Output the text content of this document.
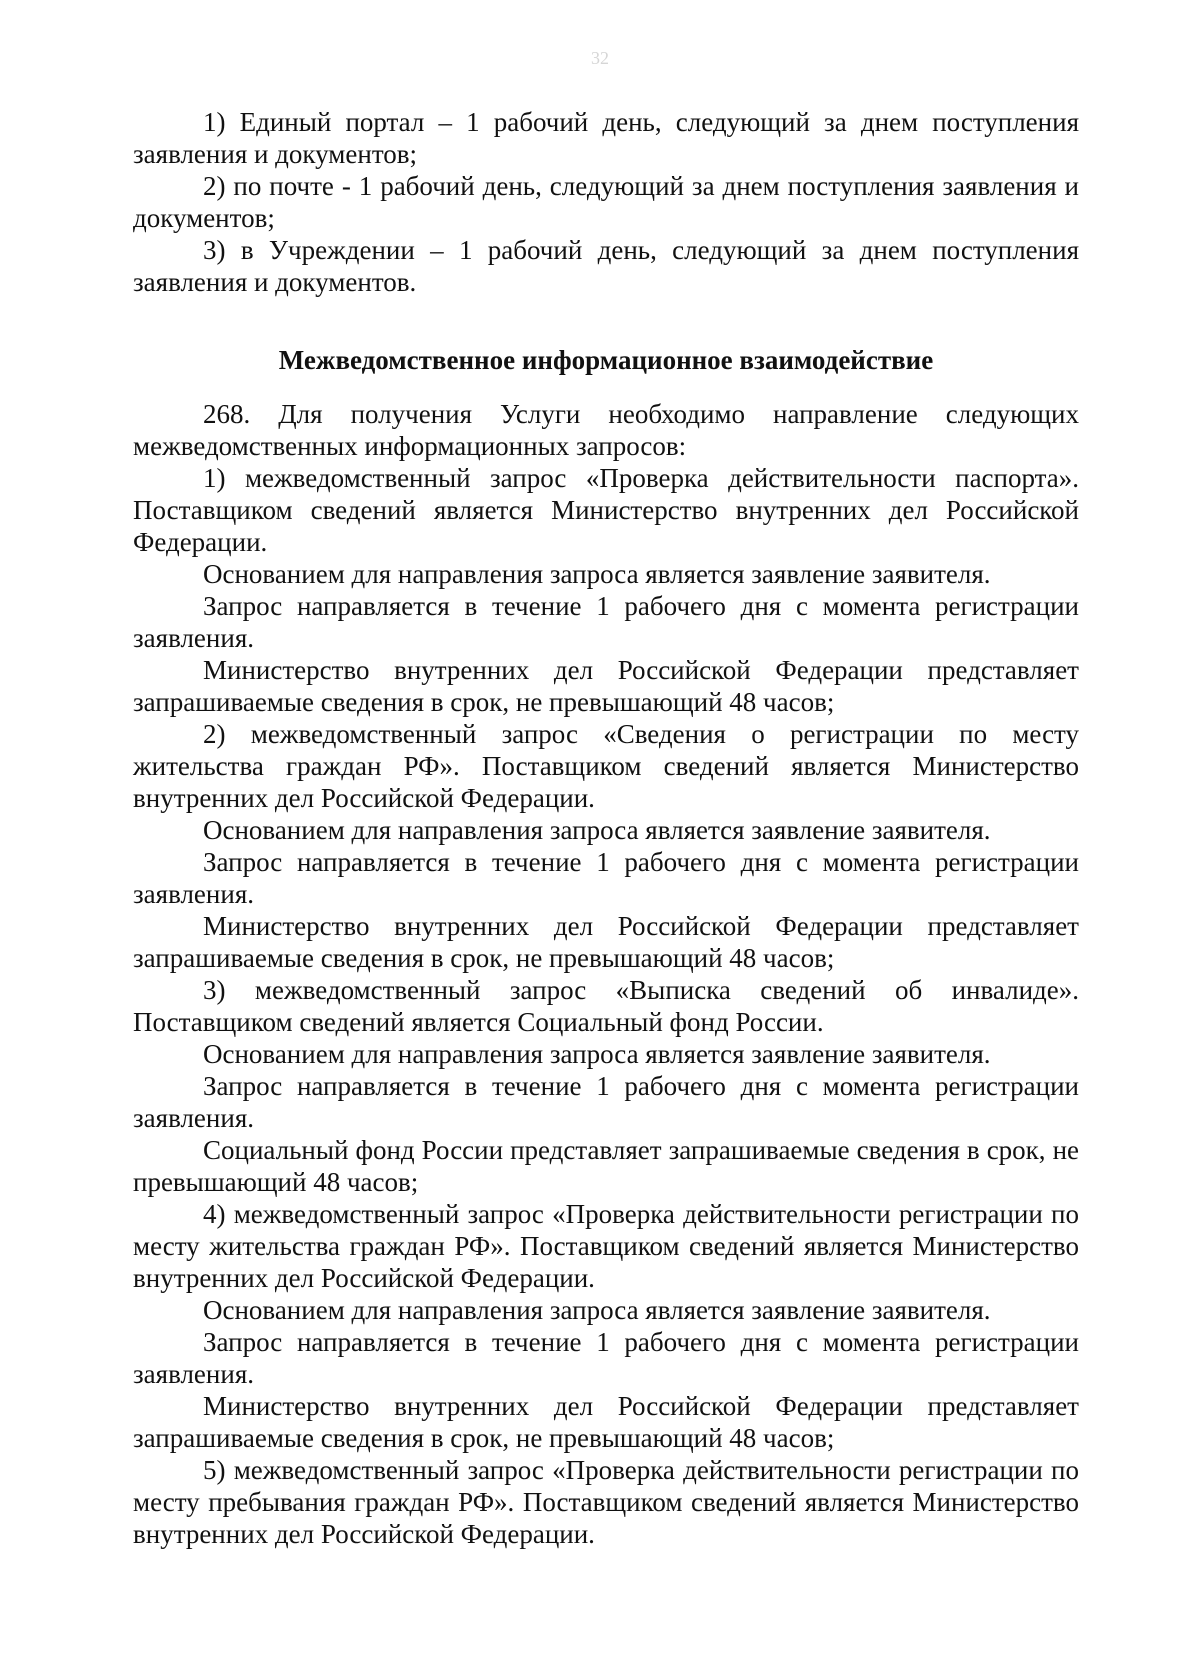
32

1) Единый портал – 1 рабочий день, следующий за днем поступления заявления и документов;

2) по почте - 1 рабочий день, следующий за днем поступления заявления и документов;

3) в Учреждении – 1 рабочий день, следующий за днем поступления заявления и документов.

Межведомственное информационное взаимодействие

268. Для получения Услуги необходимо направление следующих межведомственных информационных запросов:

1) межведомственный запрос «Проверка действительности паспорта». Поставщиком сведений является Министерство внутренних дел Российской Федерации.

Основанием для направления запроса является заявление заявителя.

Запрос направляется в течение 1 рабочего дня с момента регистрации заявления.

Министерство внутренних дел Российской Федерации представляет запрашиваемые сведения в срок, не превышающий 48 часов;

2) межведомственный запрос «Сведения о регистрации по месту жительства граждан РФ». Поставщиком сведений является Министерство внутренних дел Российской Федерации.

Основанием для направления запроса является заявление заявителя.

Запрос направляется в течение 1 рабочего дня с момента регистрации заявления.

Министерство внутренних дел Российской Федерации представляет запрашиваемые сведения в срок, не превышающий 48 часов;

3) межведомственный запрос «Выписка сведений об инвалиде». Поставщиком сведений является Социальный фонд России.

Основанием для направления запроса является заявление заявителя.

Запрос направляется в течение 1 рабочего дня с момента регистрации заявления.

Социальный фонд России представляет запрашиваемые сведения в срок, не превышающий 48 часов;

4) межведомственный запрос «Проверка действительности регистрации по месту жительства граждан РФ». Поставщиком сведений является Министерство внутренних дел Российской Федерации.

Основанием для направления запроса является заявление заявителя.

Запрос направляется в течение 1 рабочего дня с момента регистрации заявления.

Министерство внутренних дел Российской Федерации представляет запрашиваемые сведения в срок, не превышающий 48 часов;

5) межведомственный запрос «Проверка действительности регистрации по месту пребывания граждан РФ». Поставщиком сведений является Министерство внутренних дел Российской Федерации.
